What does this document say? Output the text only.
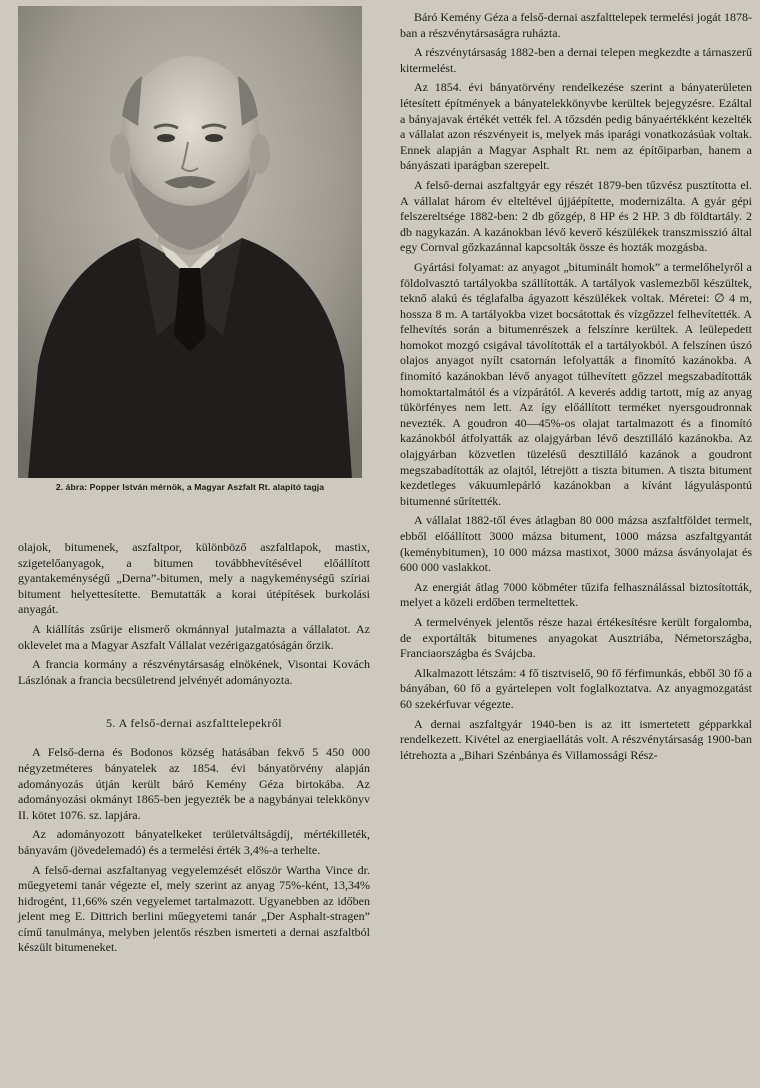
2. ábra: Popper István mérnök, a Magyar Aszfalt Rt. alapító tagja

olajok, bitumenek, aszfaltpor, különböző aszfaltlapok, mastix, szigetelőanyagok, a bitumen továbbhevítésével előállított gyantakeménységű „Derna”-bitumen, mely a nagykeménységű szíriai bitument helyettesítette. Bemutatták a korai útépítések burkolási anyagát.

A kiállítás zsűrije elismerő okmánnyal jutalmazta a vállalatot. Az oklevelet ma a Magyar Aszfalt Vállalat vezérigazgatóságán őrzik.

A francia kormány a részvénytársaság elnökének, Visontai Kovách Lászlónak a francia becsületrend jelvényét adományozta.

5. A felső-dernai aszfalttelepekről

A Felső-derna és Bodonos község hatásában fekvő 5 450 000 négyzetméteres bányatelek az 1854. évi bányatörvény alapján adományozás útján került báró Kemény Géza birtokába. Az adományozási okmányt 1865-ben jegyezték be a nagybányai telekkönyv II. kötet 1076. sz. lapjára.

Az adományozott bányatelkeket területváltságdíj, mértékilleték, bányavám (jövedelemadó) és a termelési érték 3,4%-a terhelte.

A felső-dernai aszfaltanyag vegyelemzését először Wartha Vince dr. műegyetemi tanár végezte el, mely szerint az anyag 75%-ként, 13,34% hidrogént, 11,66% szén vegyelemet tartalmazott. Ugyanebben az időben jelent meg E. Dittrich berlini műegyetemi tanár „Der Asphalt-stragen” című tanulmánya, melyben jelentős részben ismerteti a dernai aszfaltból készült bitumeneket.

Báró Kemény Géza a felső-dernai aszfalttelepek termelési jogát 1878-ban a részvénytársaságra ruházta.

A részvénytársaság 1882-ben a dernai telepen megkezdte a tárnaszerű kitermelést.

Az 1854. évi bányatörvény rendelkezése szerint a bányaterületen létesített építmények a bányatelekkönyvbe kerültek bejegyzésre. Ezáltal a bányajavak értékét vették fel. A tőzsdén pedig bányaértékként kezelték a vállalat azon részvényeit is, melyek más iparági vonatkozásúak voltak. Ennek alapján a Magyar Asphalt Rt. nem az építőiparban, hanem a bányászati iparágban szerepelt.

A felső-dernai aszfaltgyár egy részét 1879-ben tűzvész pusztította el. A vállalat három év elteltével újjáépítette, modernizálta. A gyár gépi felszereltsége 1882-ben: 2 db gőzgép, 8 HP és 2 HP. 3 db földtartály. 2 db nagykazán. A kazánokban lévő keverő készülékek transzmisszió által egy Cornval gőzkazánnal kapcsolták össze és hozták mozgásba.

Gyártási folyamat: az anyagot „bituminált homok” a termelőhelyről a földolvasztó tartályokba szállították. A tartályok vaslemezből készültek, teknő alakú és téglafalba ágyazott készülékek voltak. Méretei: ∅ 4 m, hossza 8 m. A tartályokba vizet bocsátottak és vízgőzzel felhevítették. A felhevítés során a bitumenrészek a felszínre kerültek. A leülepedett homokot mozgó csigával távolították el a tartályokból. A felszínen úszó olajos anyagot nyílt csatornán lefolyatták a finomító kazánokba. A finomító kazánokban lévő anyagot túlhevített gőzzel megszabadították homoktartalmától és a vízpárától. A keverés addig tartott, míg az anyag tükörfényes nem lett. Az így előállított terméket nyersgoudronnak nevezték. A goudron 40—45%-os olajat tartalmazott és a finomító kazánokból átfolyatták az olajgyárban lévő desztilláló kazánokba. Az olajgyárban közvetlen tüzelésű desztilláló kazánok a goudront megszabadították az olajtól, létrejött a tiszta bitumen. A tiszta bitument kezdetleges vákuumlepárló kazánokban a kívánt lágyuláspontú bitumenné sűrítették.

A vállalat 1882-től éves átlagban 80 000 mázsa aszfaltföldet termelt, ebből előállított 3000 mázsa bitument, 1000 mázsa aszfaltgyantát (keménybitumen), 10 000 mázsa mastixot, 3000 mázsa ásványolajat és 600 000 vaslakkot.

Az energiát átlag 7000 köbméter tűzifa felhasználással biztosították, melyet a közeli erdőben termeltettek.

A termelvények jelentős része hazai értékesítésre került forgalomba, de exportálták bitumenes anyagokat Ausztriába, Németországba, Franciaországba és Svájcba.

Alkalmazott létszám: 4 fő tisztviselő, 90 fő férfimunkás, ebből 30 fő a bányában, 60 fő a gyártelepen volt foglalkoztatva. Az anyagmozgatást 60 szekérfuvar végezte.

A dernai aszfaltgyár 1940-ben is az itt ismertetett gépparkkal rendelkezett. Kivétel az energiaellátás volt. A részvénytársaság 1900-ban létrehozta a „Bihari Szénbánya és Villamossági Rész-
